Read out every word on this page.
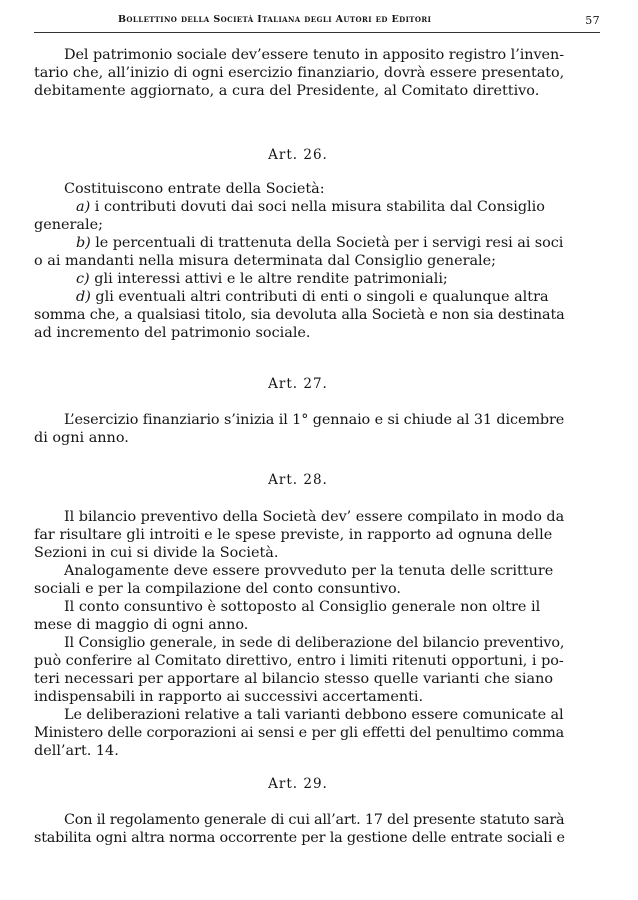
Bollettino della Società Italiana degli Autori ed Editori	57
Del patrimonio sociale dev’essere tenuto in apposito registro l’inven-
tario che, all’inizio di ogni esercizio finanziario, dovrà essere presentato,
debitamente aggiornato, a cura del Presidente, al Comitato direttivo.
Art. 26.
Costituiscono entrate della Società:
a) i contributi dovuti dai soci nella misura stabilita dal Consiglio
generale;
b) le percentuali di trattenuta della Società per i servigi resi ai soci
o ai mandanti nella misura determinata dal Consiglio generale;
c) gli interessi attivi e le altre rendite patrimoniali;
d) gli eventuali altri contributi di enti o singoli e qualunque altra
somma che, a qualsiasi titolo, sia devoluta alla Società e non sia destinata
ad incremento del patrimonio sociale.
Art. 27.
L’esercizio finanziario s’inizia il 1° gennaio e si chiude al 31 dicembre
di ogni anno.
Art. 28.
Il bilancio preventivo della Società dev’ essere compilato in modo da
far risultare gli introiti e le spese previste, in rapporto ad ognuna delle
Sezioni in cui si divide la Società.
Analogamente deve essere provveduto per la tenuta delle scritture
sociali e per la compilazione del conto consuntivo.
Il conto consuntivo è sottoposto al Consiglio generale non oltre il
mese di maggio di ogni anno.
Il Consiglio generale, in sede di deliberazione del bilancio preventivo,
può conferire al Comitato direttivo, entro i limiti ritenuti opportuni, i po-
teri necessari per apportare al bilancio stesso quelle varianti che siano
indispensabili in rapporto ai successivi accertamenti.
Le deliberazioni relative a tali varianti debbono essere comunicate al
Ministero delle corporazioni ai sensi e per gli effetti del penultimo comma
dell’art. 14.
Art. 29.
Con il regolamento generale di cui all’art. 17 del presente statuto sarà
stabilita ogni altra norma occorrente per la gestione delle entrate sociali e
